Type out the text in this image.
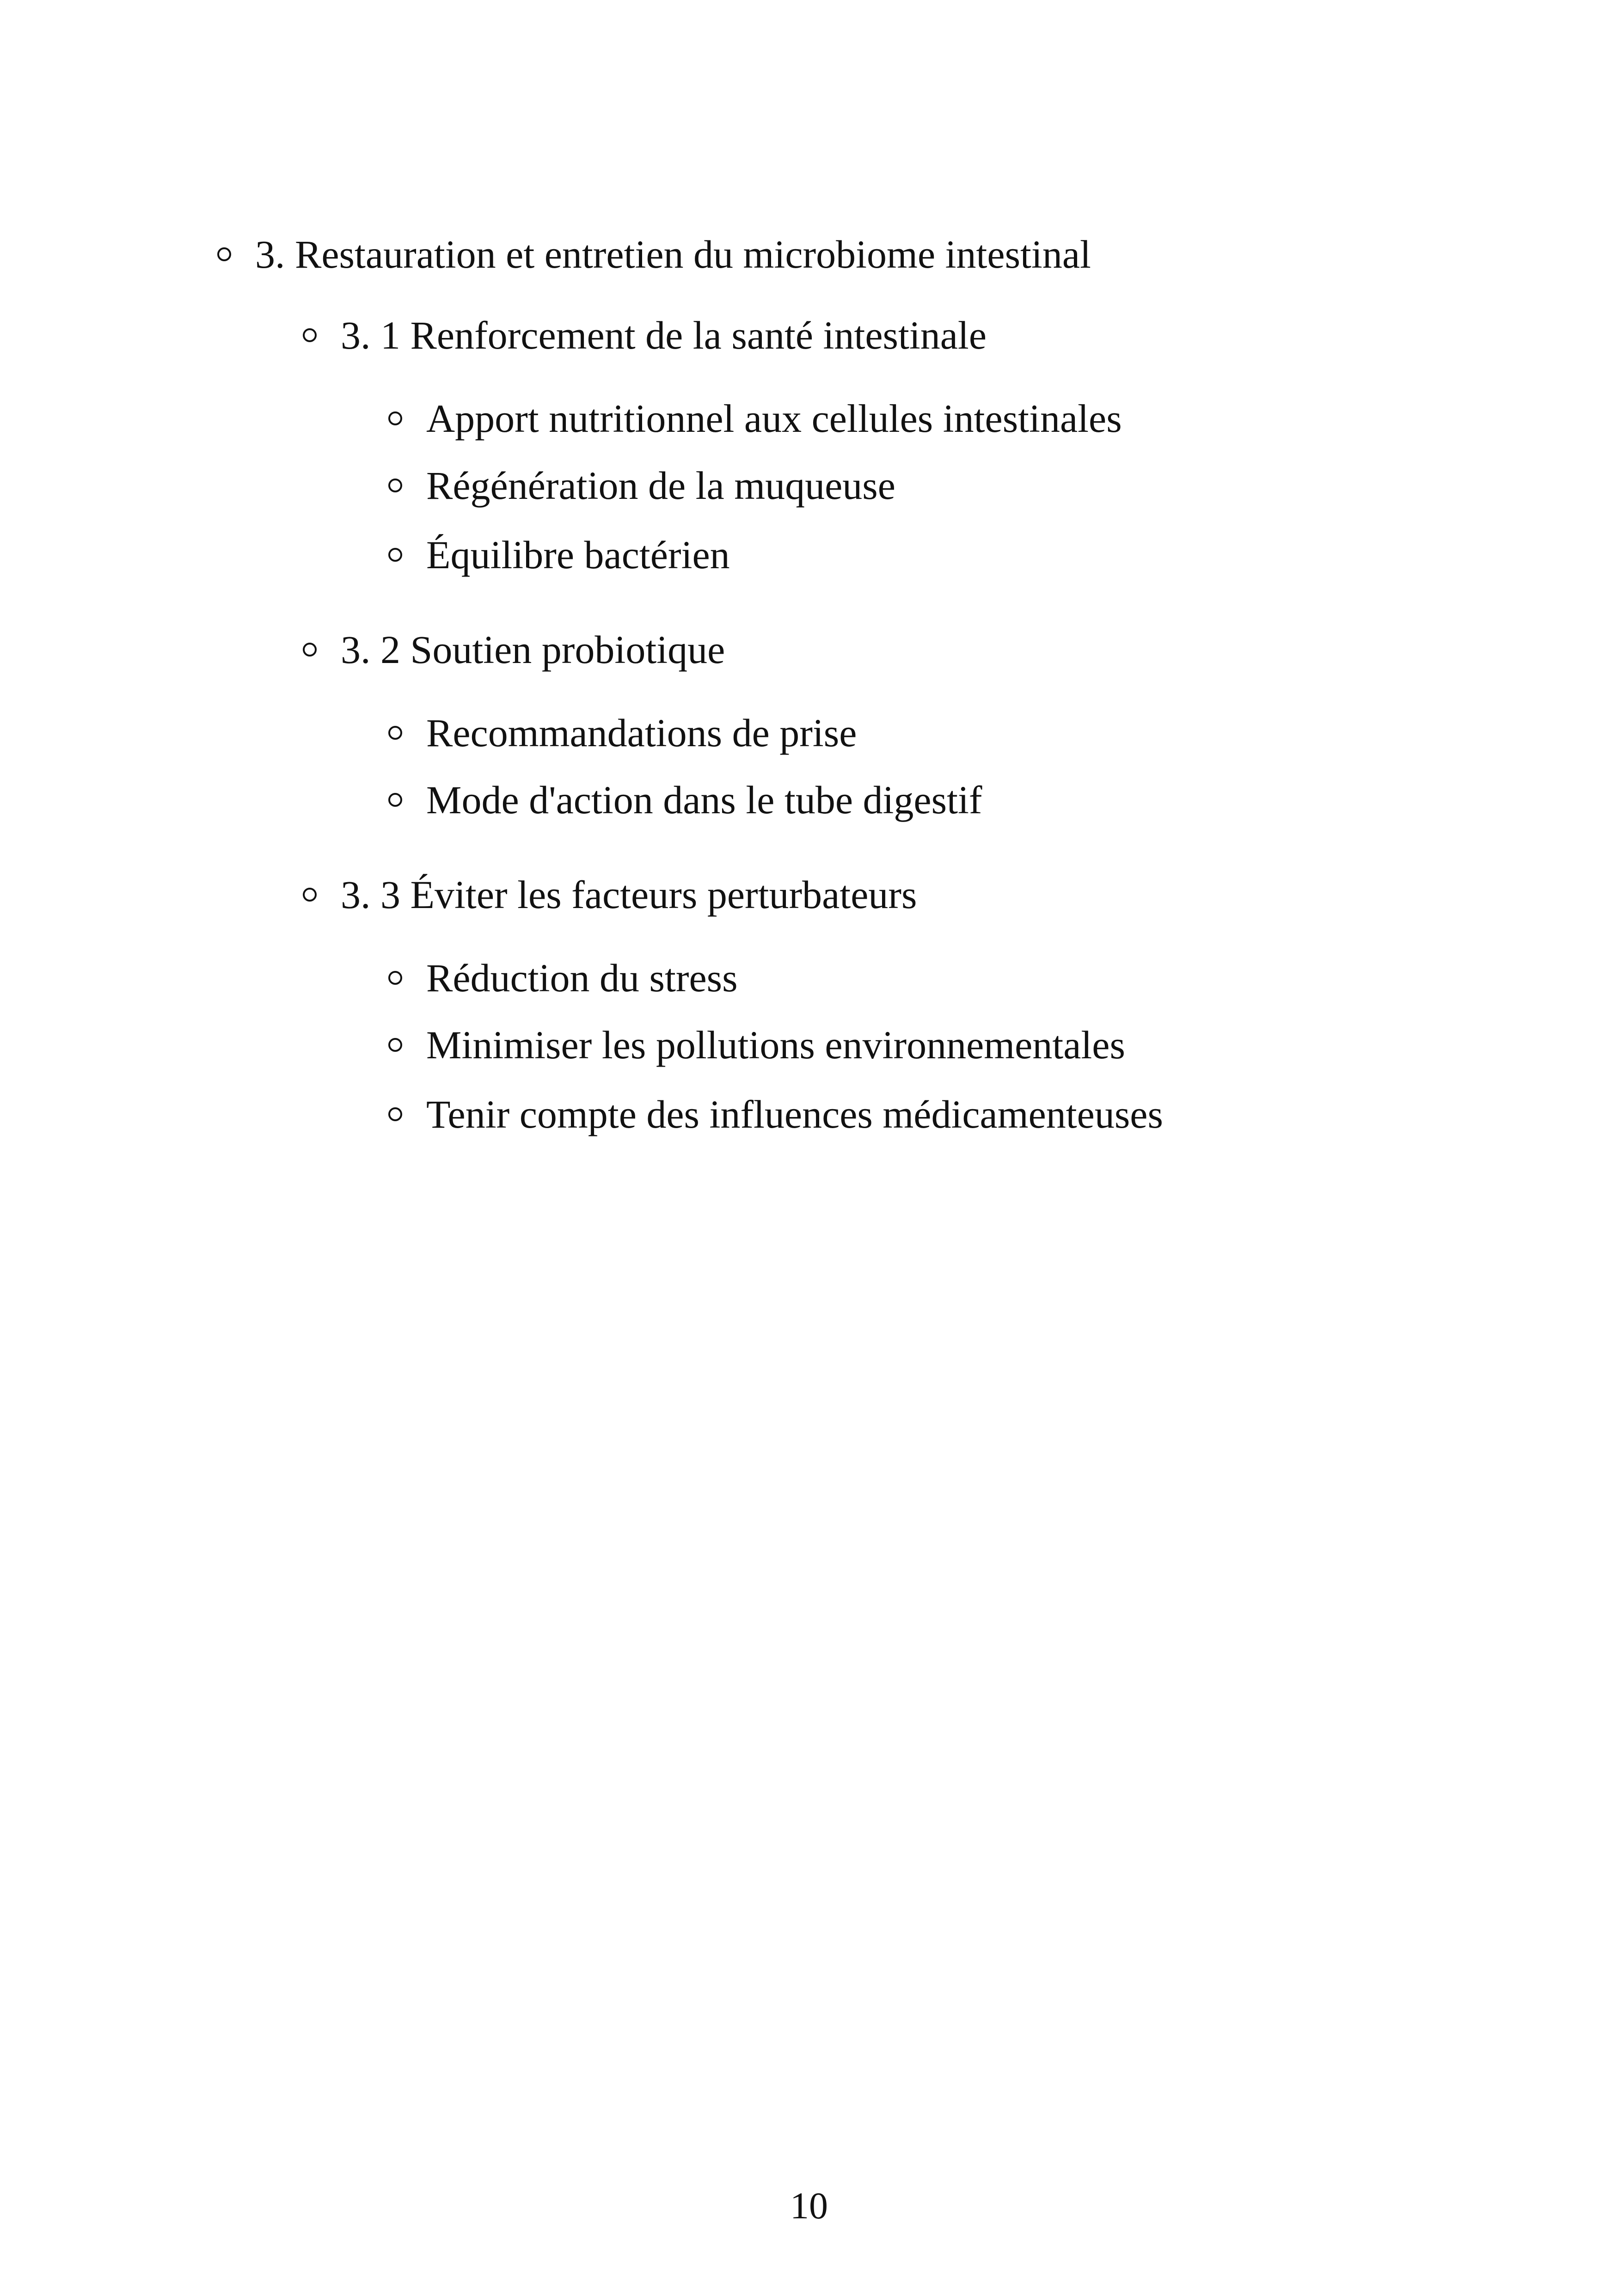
3. Restauration et entretien du microbiome intestinal
3. 1 Renforcement de la santé intestinale
Apport nutritionnel aux cellules intestinales
Régénération de la muqueuse
Équilibre bactérien
3. 2 Soutien probiotique
Recommandations de prise
Mode d'action dans le tube digestif
3. 3 Éviter les facteurs perturbateurs
Réduction du stress
Minimiser les pollutions environnementales
Tenir compte des influences médicamenteuses
10
